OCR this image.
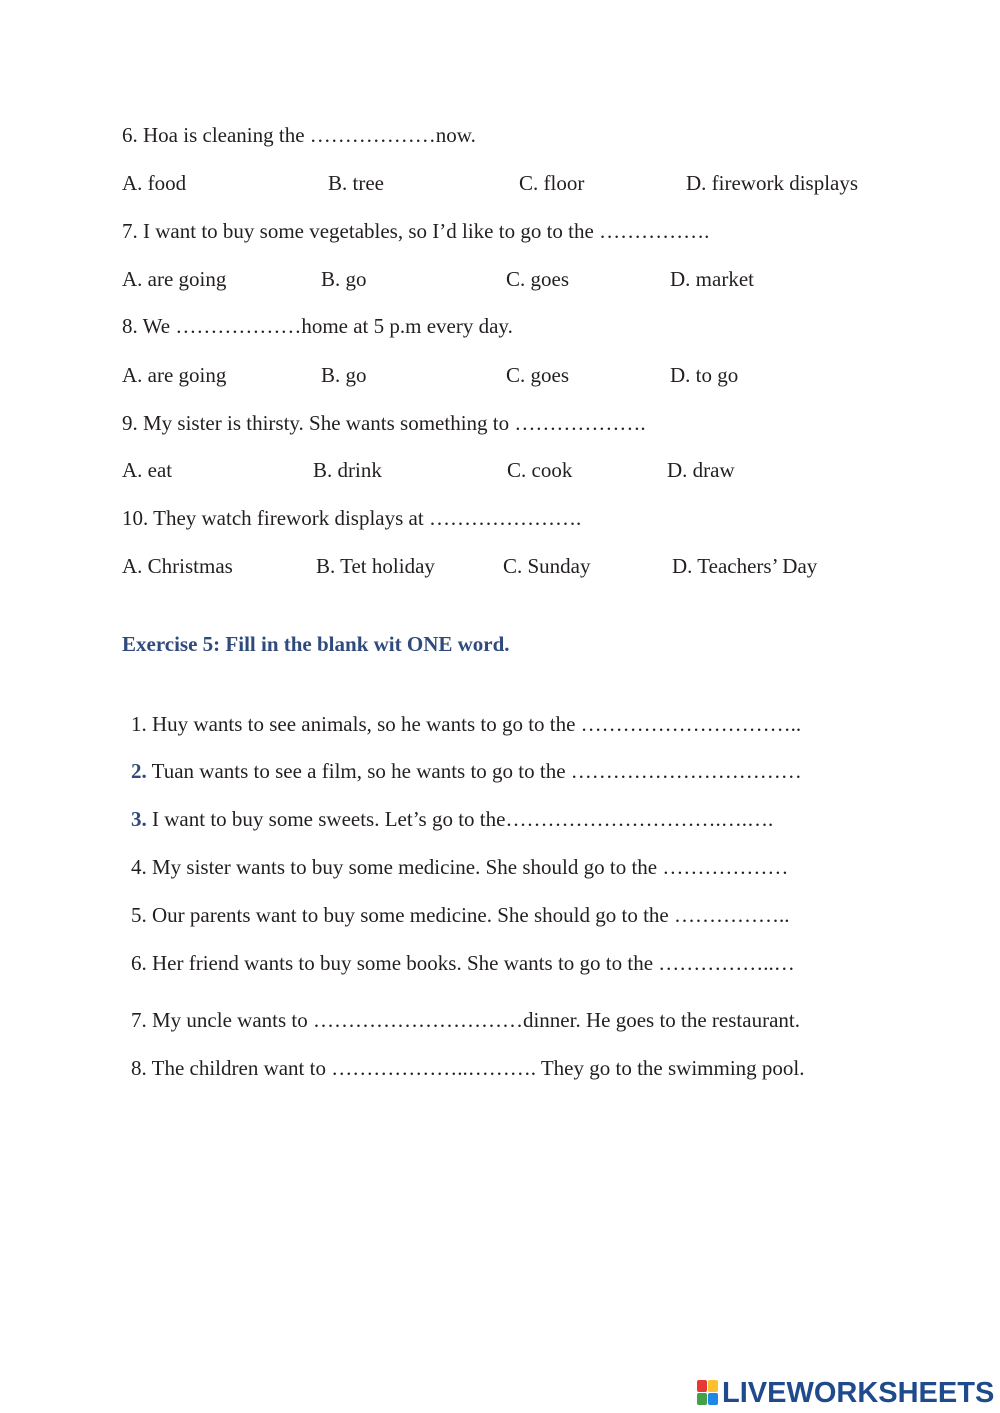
6. Hoa is cleaning the ………………now.
A. food	B. tree	C. floor	D. firework displays
7. I want to buy some vegetables, so I’d like to go to the …………….
A. are going	B. go	C. goes	D. market
8. We ………………home at 5 p.m every day.
A. are going	B. go	C. goes	D. to go
9. My sister is thirsty. She wants something to ……………….
A. eat	B. drink	C. cook	D. draw
10. They watch firework displays at ………………….
A. Christmas	B. Tet holiday	C. Sunday	D. Teachers’ Day
Exercise 5: Fill in the blank wit ONE word.
1. Huy wants to see animals, so he wants to go to the …………………………..
2. Tuan wants to see a film, so he wants to go to the ……………………………
3. I want to buy some sweets. Let’s go to the………………………….….….
4. My sister wants to buy some medicine. She should go to the ………………
5. Our parents want to buy some medicine. She should go to the ……………..
6. Her friend wants to buy some books. She wants to go to the ……………..…
7. My uncle wants to …………………………dinner. He goes to the restaurant.
8. The children want to ………………..………. They go to the swimming pool.
LIVEWORKSHEETS
